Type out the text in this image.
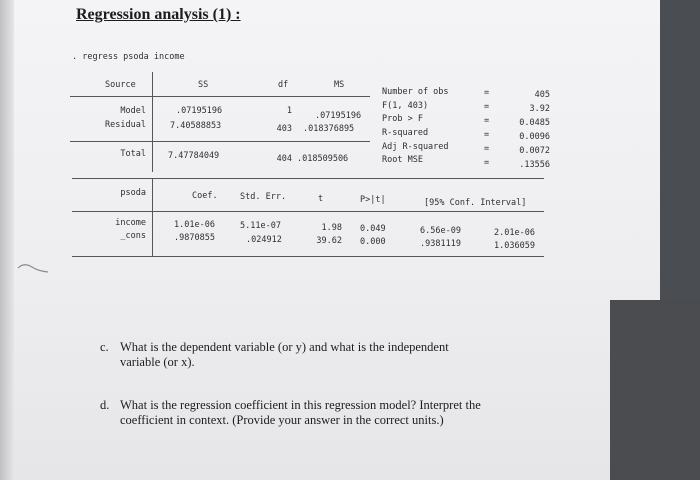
Regression analysis (1) :
. regress psoda income
Source	SS	df	MS
Model	.07195196	1	.07195196
Residual	7.40588853	403 .018376895
Total	7.47784049	404 .018509506
Number of obs	=	405
F(1, 403)	=	3.92
Prob > F	=	0.0485
R-squared	=	0.0096
Adj R-squared	=	0.0072
Root MSE	=	.13556
psoda	Coef.	Std. Err.	t	P>|t|	[95% Conf. Interval]
income	1.01e-06	5.11e-07	1.98 0.049	6.56e-09	2.01e-06
_cons	.9870855	.024912	39.62 0.000	.9381119	1.036059
c. What is the dependent variable (or y) and what is the independent
variable (or x).
d. What is the regression coefficient in this regression model? Interpret the
coefficient in context. (Provide your answer in the correct units.)
